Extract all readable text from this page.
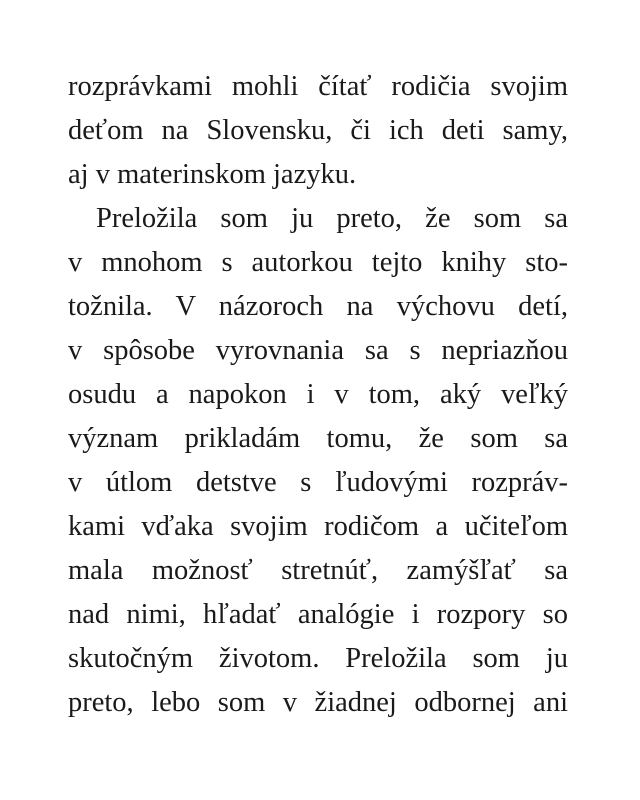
rozprávkami mohli čítať rodičia svojim
deťom na Slovensku, či ich deti samy,
aj v materinskom jazyku.
Preložila som ju preto, že som sa
v mnohom s autorkou tejto knihy sto-
tožnila. V názoroch na výchovu detí,
v spôsobe vyrovnania sa s nepriazňou
osudu a napokon i v tom, aký veľký
význam prikladám tomu, že som sa
v útlom detstve s ľudovými rozpráv-
kami vďaka svojim rodičom a učiteľom
mala možnosť stretnúť, zamýšľať sa
nad nimi, hľadať analógie i rozpory so
skutočným životom. Preložila som ju
preto, lebo som v žiadnej odbornej ani
